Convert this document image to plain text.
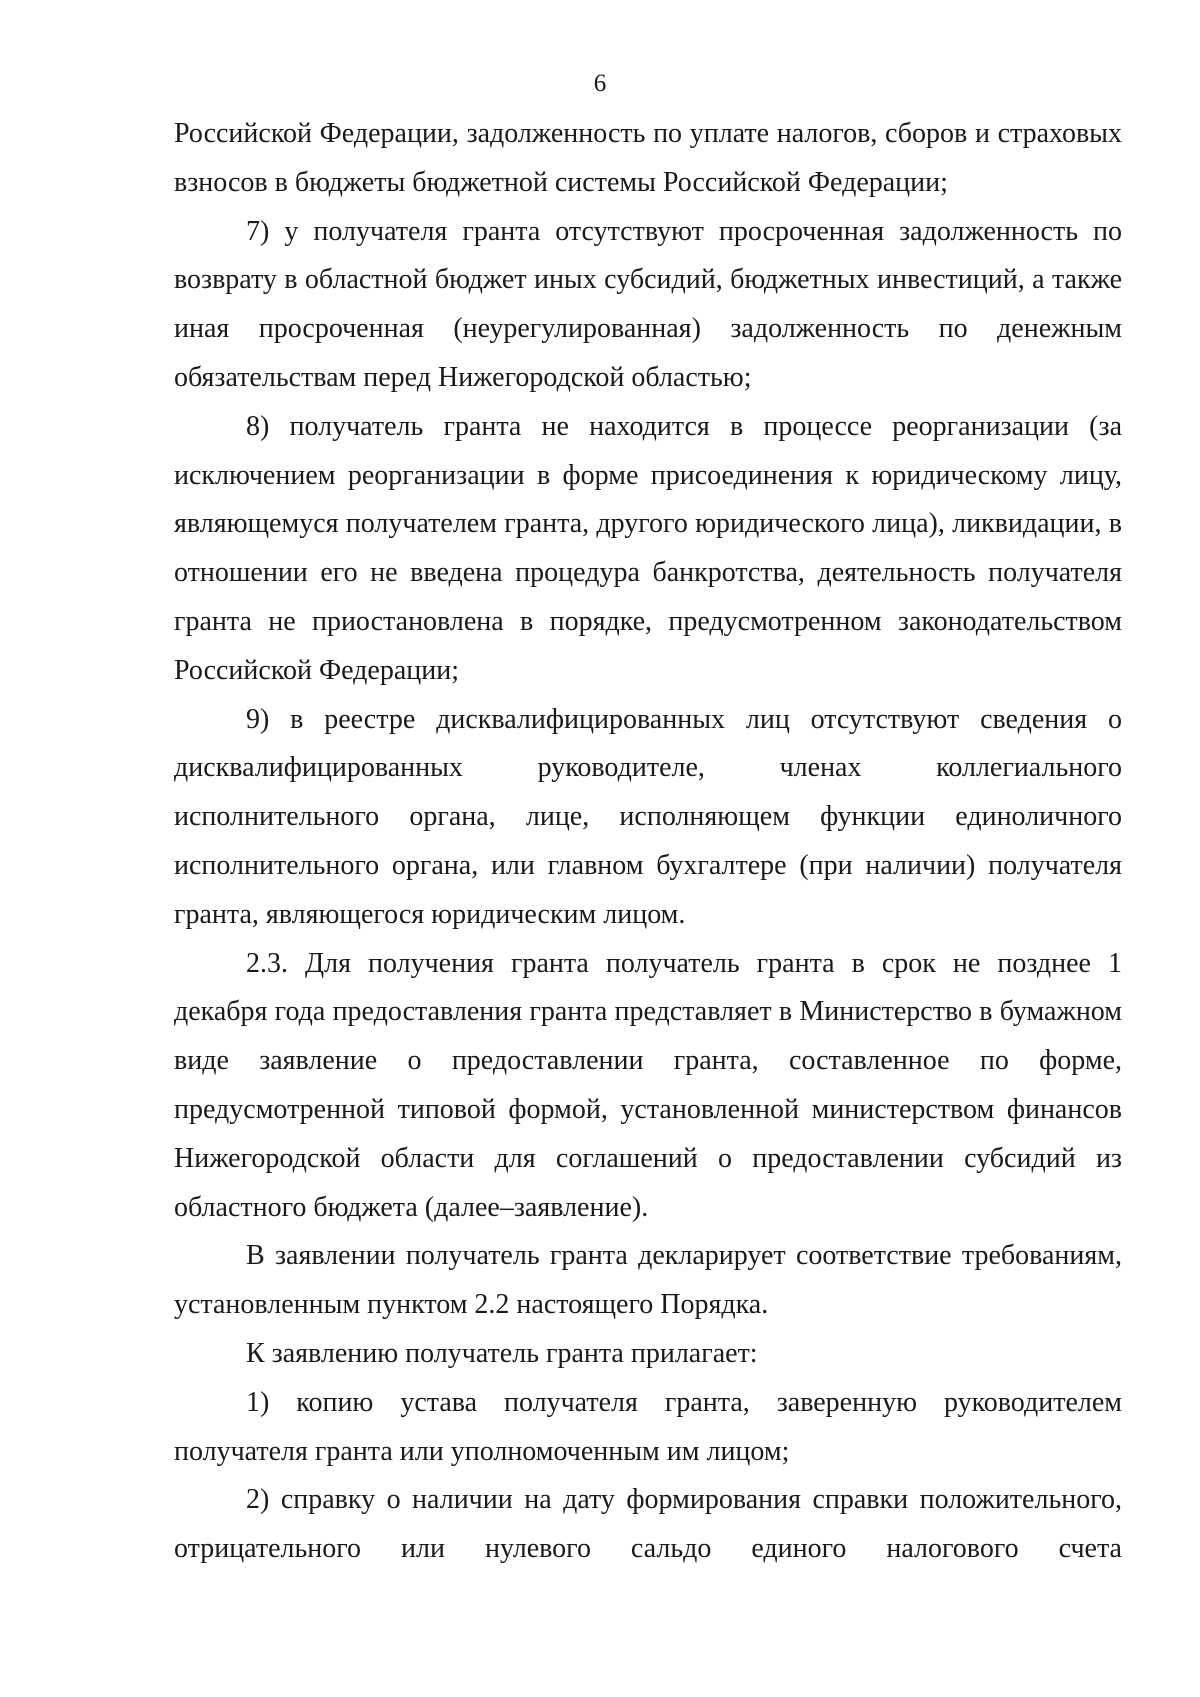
6

Российской Федерации, задолженность по уплате налогов, сборов и страховых взносов в бюджеты бюджетной системы Российской Федерации;

7) у получателя гранта отсутствуют просроченная задолженность по возврату в областной бюджет иных субсидий, бюджетных инвестиций, а также иная просроченная (неурегулированная) задолженность по денежным обязательствам перед Нижегородской областью;

8) получатель гранта не находится в процессе реорганизации (за исключением реорганизации в форме присоединения к юридическому лицу, являющемуся получателем гранта, другого юридического лица), ликвидации, в отношении его не введена процедура банкротства, деятельность получателя гранта не приостановлена в порядке, предусмотренном законодательством Российской Федерации;

9) в реестре дисквалифицированных лиц отсутствуют сведения о дисквалифицированных руководителе, членах коллегиального исполнительного органа, лице, исполняющем функции единоличного исполнительного органа, или главном бухгалтере (при наличии) получателя гранта, являющегося юридическим лицом.

2.3. Для получения гранта получатель гранта в срок не позднее 1 декабря года предоставления гранта представляет в Министерство в бумажном виде заявление о предоставлении гранта, составленное по форме, предусмотренной типовой формой, установленной министерством финансов Нижегородской области для соглашений о предоставлении субсидий из областного бюджета (далее–заявление).

В заявлении получатель гранта декларирует соответствие требованиям, установленным пунктом 2.2 настоящего Порядка.

К заявлению получатель гранта прилагает:

1) копию устава получателя гранта, заверенную руководителем получателя гранта или уполномоченным им лицом;

2) справку о наличии на дату формирования справки положительного, отрицательного или нулевого сальдо единого налогового счета
